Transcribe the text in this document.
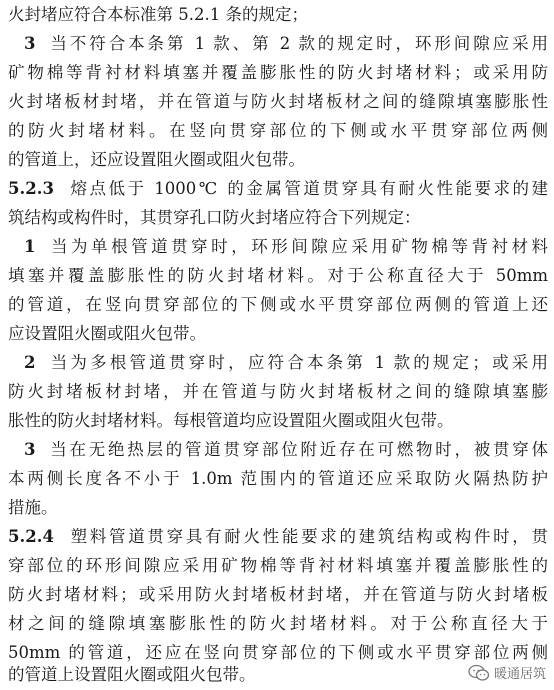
火封堵应符合本标准第 5.2.1 条的规定；
3 当不符合本条第 1 款、第 2 款的规定时，环形间隙应采用
矿物棉等背衬材料填塞并覆盖膨胀性的防火封堵材料；或采用防
火封堵板材封堵，并在管道与防火封堵板材之间的缝隙填塞膨胀性
的防火封堵材料。在竖向贯穿部位的下侧或水平贯穿部位两侧
的管道上，还应设置阻火圈或阻火包带。
5.2.3 熔点低于 1000℃ 的金属管道贯穿具有耐火性能要求的建
筑结构或构件时，其贯穿孔口防火封堵应符合下列规定：
1 当为单根管道贯穿时，环形间隙应采用矿物棉等背衬材料
填塞并覆盖膨胀性的防火封堵材料。对于公称直径大于 50mm
的管道，在竖向贯穿部位的下侧或水平贯穿部位两侧的管道上还
应设置阻火圈或阻火包带。
2 当为多根管道贯穿时，应符合本条第 1 款的规定；或采用
防火封堵板材封堵，并在管道与防火封堵板材之间的缝隙填塞膨
胀性的防火封堵材料。每根管道均应设置阻火圈或阻火包带。
3 当在无绝热层的管道贯穿部位附近存在可燃物时，被贯穿体
本两侧长度各不小于 1.0m 范围内的管道还应采取防火隔热防护
措施。
5.2.4 塑料管道贯穿具有耐火性能要求的建筑结构或构件时，贯
穿部位的环形间隙应采用矿物棉等背衬材料填塞并覆盖膨胀性的
防火封堵材料；或采用防火封堵板材封堵，并在管道与防火封堵板
材之间的缝隙填塞膨胀性的防火封堵材料。对于公称直径大于
50mm 的管道，还应在竖向贯穿部位的下侧或水平贯穿部位两侧
的管道上设置阻火圈或阻火包带。	暖通居筑
